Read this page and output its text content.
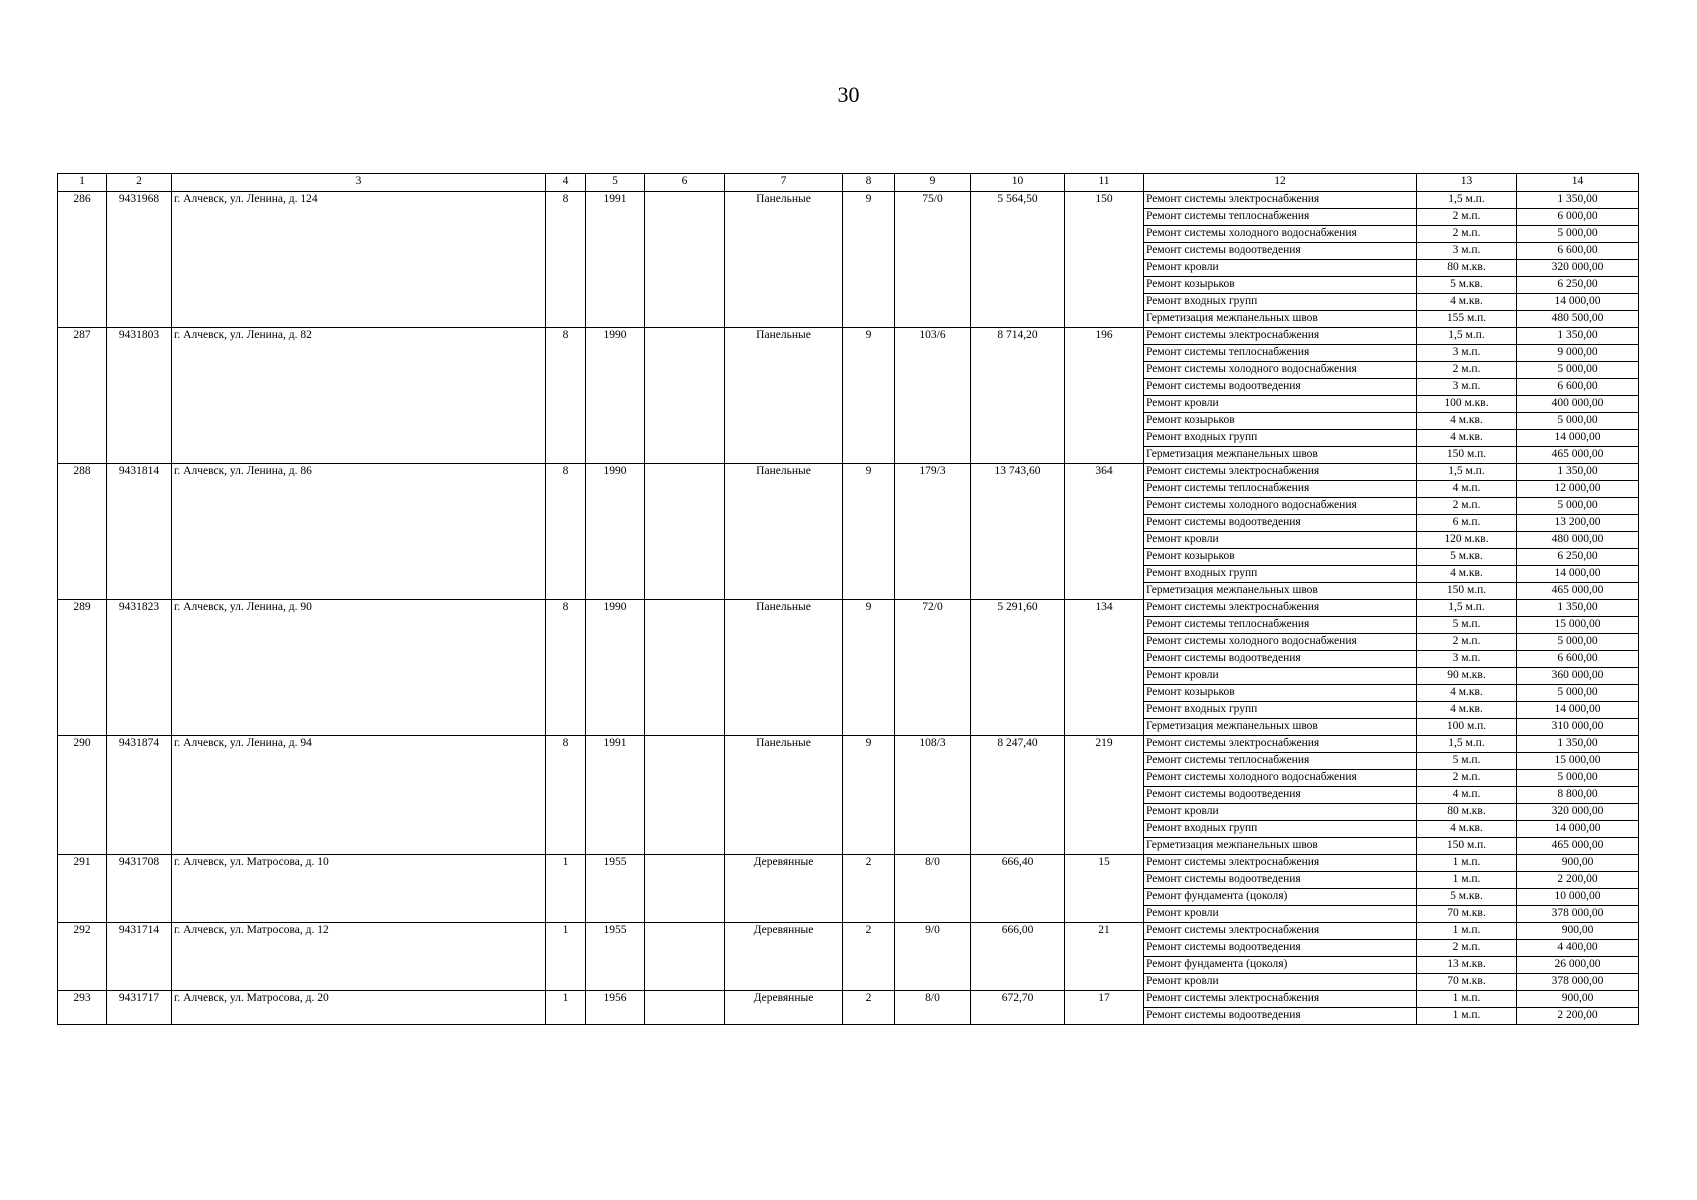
30
1	2	3	4	5	6	7	8	9	10	11	12	13	14
286	9431968	г. Алчевск, ул. Ленина, д. 124	8	1991		Панельные	9	75/0	5 564,50	150	Ремонт системы электроснабжения	1,5 м.п.	1 350,00
											Ремонт системы теплоснабжения	2 м.п.	6 000,00
											Ремонт системы холодного водоснабжения	2 м.п.	5 000,00
											Ремонт системы водоотведения	3 м.п.	6 600,00
											Ремонт кровли	80 м.кв.	320 000,00
											Ремонт козырьков	5 м.кв.	6 250,00
											Ремонт входных групп	4 м.кв.	14 000,00
											Герметизация межпанельных швов	155 м.п.	480 500,00
287	9431803	г. Алчевск, ул. Ленина, д. 82	8	1990		Панельные	9	103/6	8 714,20	196	Ремонт системы электроснабжения	1,5 м.п.	1 350,00
											Ремонт системы теплоснабжения	3 м.п.	9 000,00
											Ремонт системы холодного водоснабжения	2 м.п.	5 000,00
											Ремонт системы водоотведения	3 м.п.	6 600,00
											Ремонт кровли	100 м.кв.	400 000,00
											Ремонт козырьков	4 м.кв.	5 000,00
											Ремонт входных групп	4 м.кв.	14 000,00
											Герметизация межпанельных швов	150 м.п.	465 000,00
288	9431814	г. Алчевск, ул. Ленина, д. 86	8	1990		Панельные	9	179/3	13 743,60	364	Ремонт системы электроснабжения	1,5 м.п.	1 350,00
											Ремонт системы теплоснабжения	4 м.п.	12 000,00
											Ремонт системы холодного водоснабжения	2 м.п.	5 000,00
											Ремонт системы водоотведения	6 м.п.	13 200,00
											Ремонт кровли	120 м.кв.	480 000,00
											Ремонт козырьков	5 м.кв.	6 250,00
											Ремонт входных групп	4 м.кв.	14 000,00
											Герметизация межпанельных швов	150 м.п.	465 000,00
289	9431823	г. Алчевск, ул. Ленина, д. 90	8	1990		Панельные	9	72/0	5 291,60	134	Ремонт системы электроснабжения	1,5 м.п.	1 350,00
											Ремонт системы теплоснабжения	5 м.п.	15 000,00
											Ремонт системы холодного водоснабжения	2 м.п.	5 000,00
											Ремонт системы водоотведения	3 м.п.	6 600,00
											Ремонт кровли	90 м.кв.	360 000,00
											Ремонт козырьков	4 м.кв.	5 000,00
											Ремонт входных групп	4 м.кв.	14 000,00
											Герметизация межпанельных швов	100 м.п.	310 000,00
290	9431874	г. Алчевск, ул. Ленина, д. 94	8	1991		Панельные	9	108/3	8 247,40	219	Ремонт системы электроснабжения	1,5 м.п.	1 350,00
											Ремонт системы теплоснабжения	5 м.п.	15 000,00
											Ремонт системы холодного водоснабжения	2 м.п.	5 000,00
											Ремонт системы водоотведения	4 м.п.	8 800,00
											Ремонт кровли	80 м.кв.	320 000,00
											Ремонт входных групп	4 м.кв.	14 000,00
											Герметизация межпанельных швов	150 м.п.	465 000,00
291	9431708	г. Алчевск, ул. Матросова, д. 10	1	1955		Деревянные	2	8/0	666,40	15	Ремонт системы электроснабжения	1 м.п.	900,00
											Ремонт системы водоотведения	1 м.п.	2 200,00
											Ремонт фундамента (цоколя)	5 м.кв.	10 000,00
											Ремонт кровли	70 м.кв.	378 000,00
292	9431714	г. Алчевск, ул. Матросова, д. 12	1	1955		Деревянные	2	9/0	666,00	21	Ремонт системы электроснабжения	1 м.п.	900,00
											Ремонт системы водоотведения	2 м.п.	4 400,00
											Ремонт фундамента (цоколя)	13 м.кв.	26 000,00
											Ремонт кровли	70 м.кв.	378 000,00
293	9431717	г. Алчевск, ул. Матросова, д. 20	1	1956		Деревянные	2	8/0	672,70	17	Ремонт системы электроснабжения	1 м.п.	900,00
											Ремонт системы водоотведения	1 м.п.	2 200,00
